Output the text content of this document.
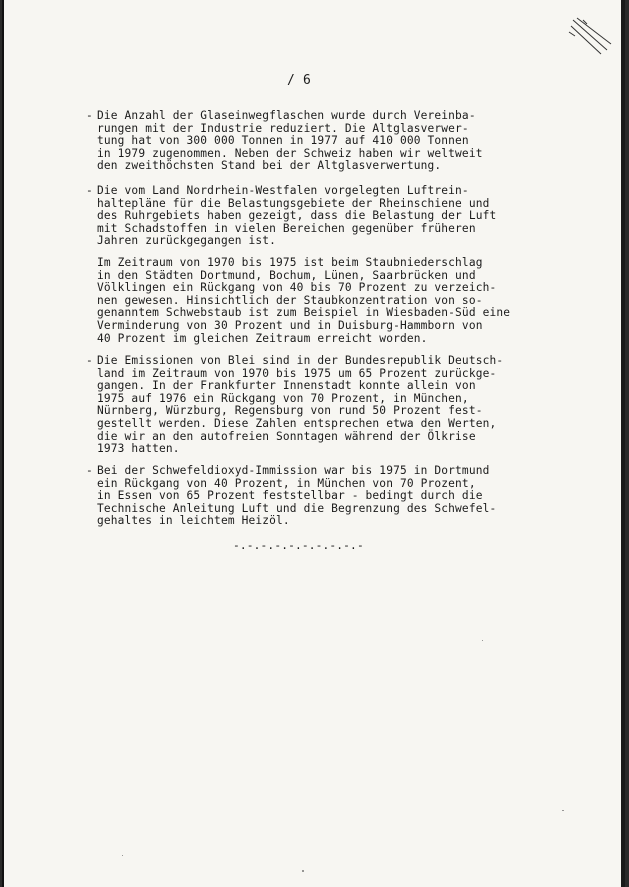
/ 6
- Die Anzahl der Glaseinwegflaschen wurde durch Vereinba-
rungen mit der Industrie reduziert. Die Altglasverwer-
tung hat von 300 000 Tonnen in 1977 auf 410 000 Tonnen
in 1979 zugenommen. Neben der Schweiz haben wir weltweit
den zweithöchsten Stand bei der Altglasverwertung.
- Die vom Land Nordrhein-Westfalen vorgelegten Luftrein-
haltepläne für die Belastungsgebiete der Rheinschiene und
des Ruhrgebiets haben gezeigt, dass die Belastung der Luft
mit Schadstoffen in vielen Bereichen gegenüber früheren
Jahren zurückgegangen ist.
Im Zeitraum von 1970 bis 1975 ist beim Staubniederschlag
in den Städten Dortmund, Bochum, Lünen, Saarbrücken und
Völklingen ein Rückgang von 40 bis 70 Prozent zu verzeich-
nen gewesen. Hinsichtlich der Staubkonzentration von so-
genanntem Schwebstaub ist zum Beispiel in Wiesbaden-Süd eine
Verminderung von 30 Prozent und in Duisburg-Hammborn von
40 Prozent im gleichen Zeitraum erreicht worden.
- Die Emissionen von Blei sind in der Bundesrepublik Deutsch-
land im Zeitraum von 1970 bis 1975 um 65 Prozent zurückge-
gangen. In der Frankfurter Innenstadt konnte allein von
1975 auf 1976 ein Rückgang von 70 Prozent, in München,
Nürnberg, Würzburg, Regensburg von rund 50 Prozent fest-
gestellt werden. Diese Zahlen entsprechen etwa den Werten,
die wir an den autofreien Sonntagen während der Ölkrise
1973 hatten.
- Bei der Schwefeldioxyd-Immission war bis 1975 in Dortmund
ein Rückgang von 40 Prozent, in München von 70 Prozent,
in Essen von 65 Prozent feststellbar - bedingt durch die
Technische Anleitung Luft und die Begrenzung des Schwefel-
gehaltes in leichtem Heizöl.
-.-.-.-.-.-.-.-.-.-
